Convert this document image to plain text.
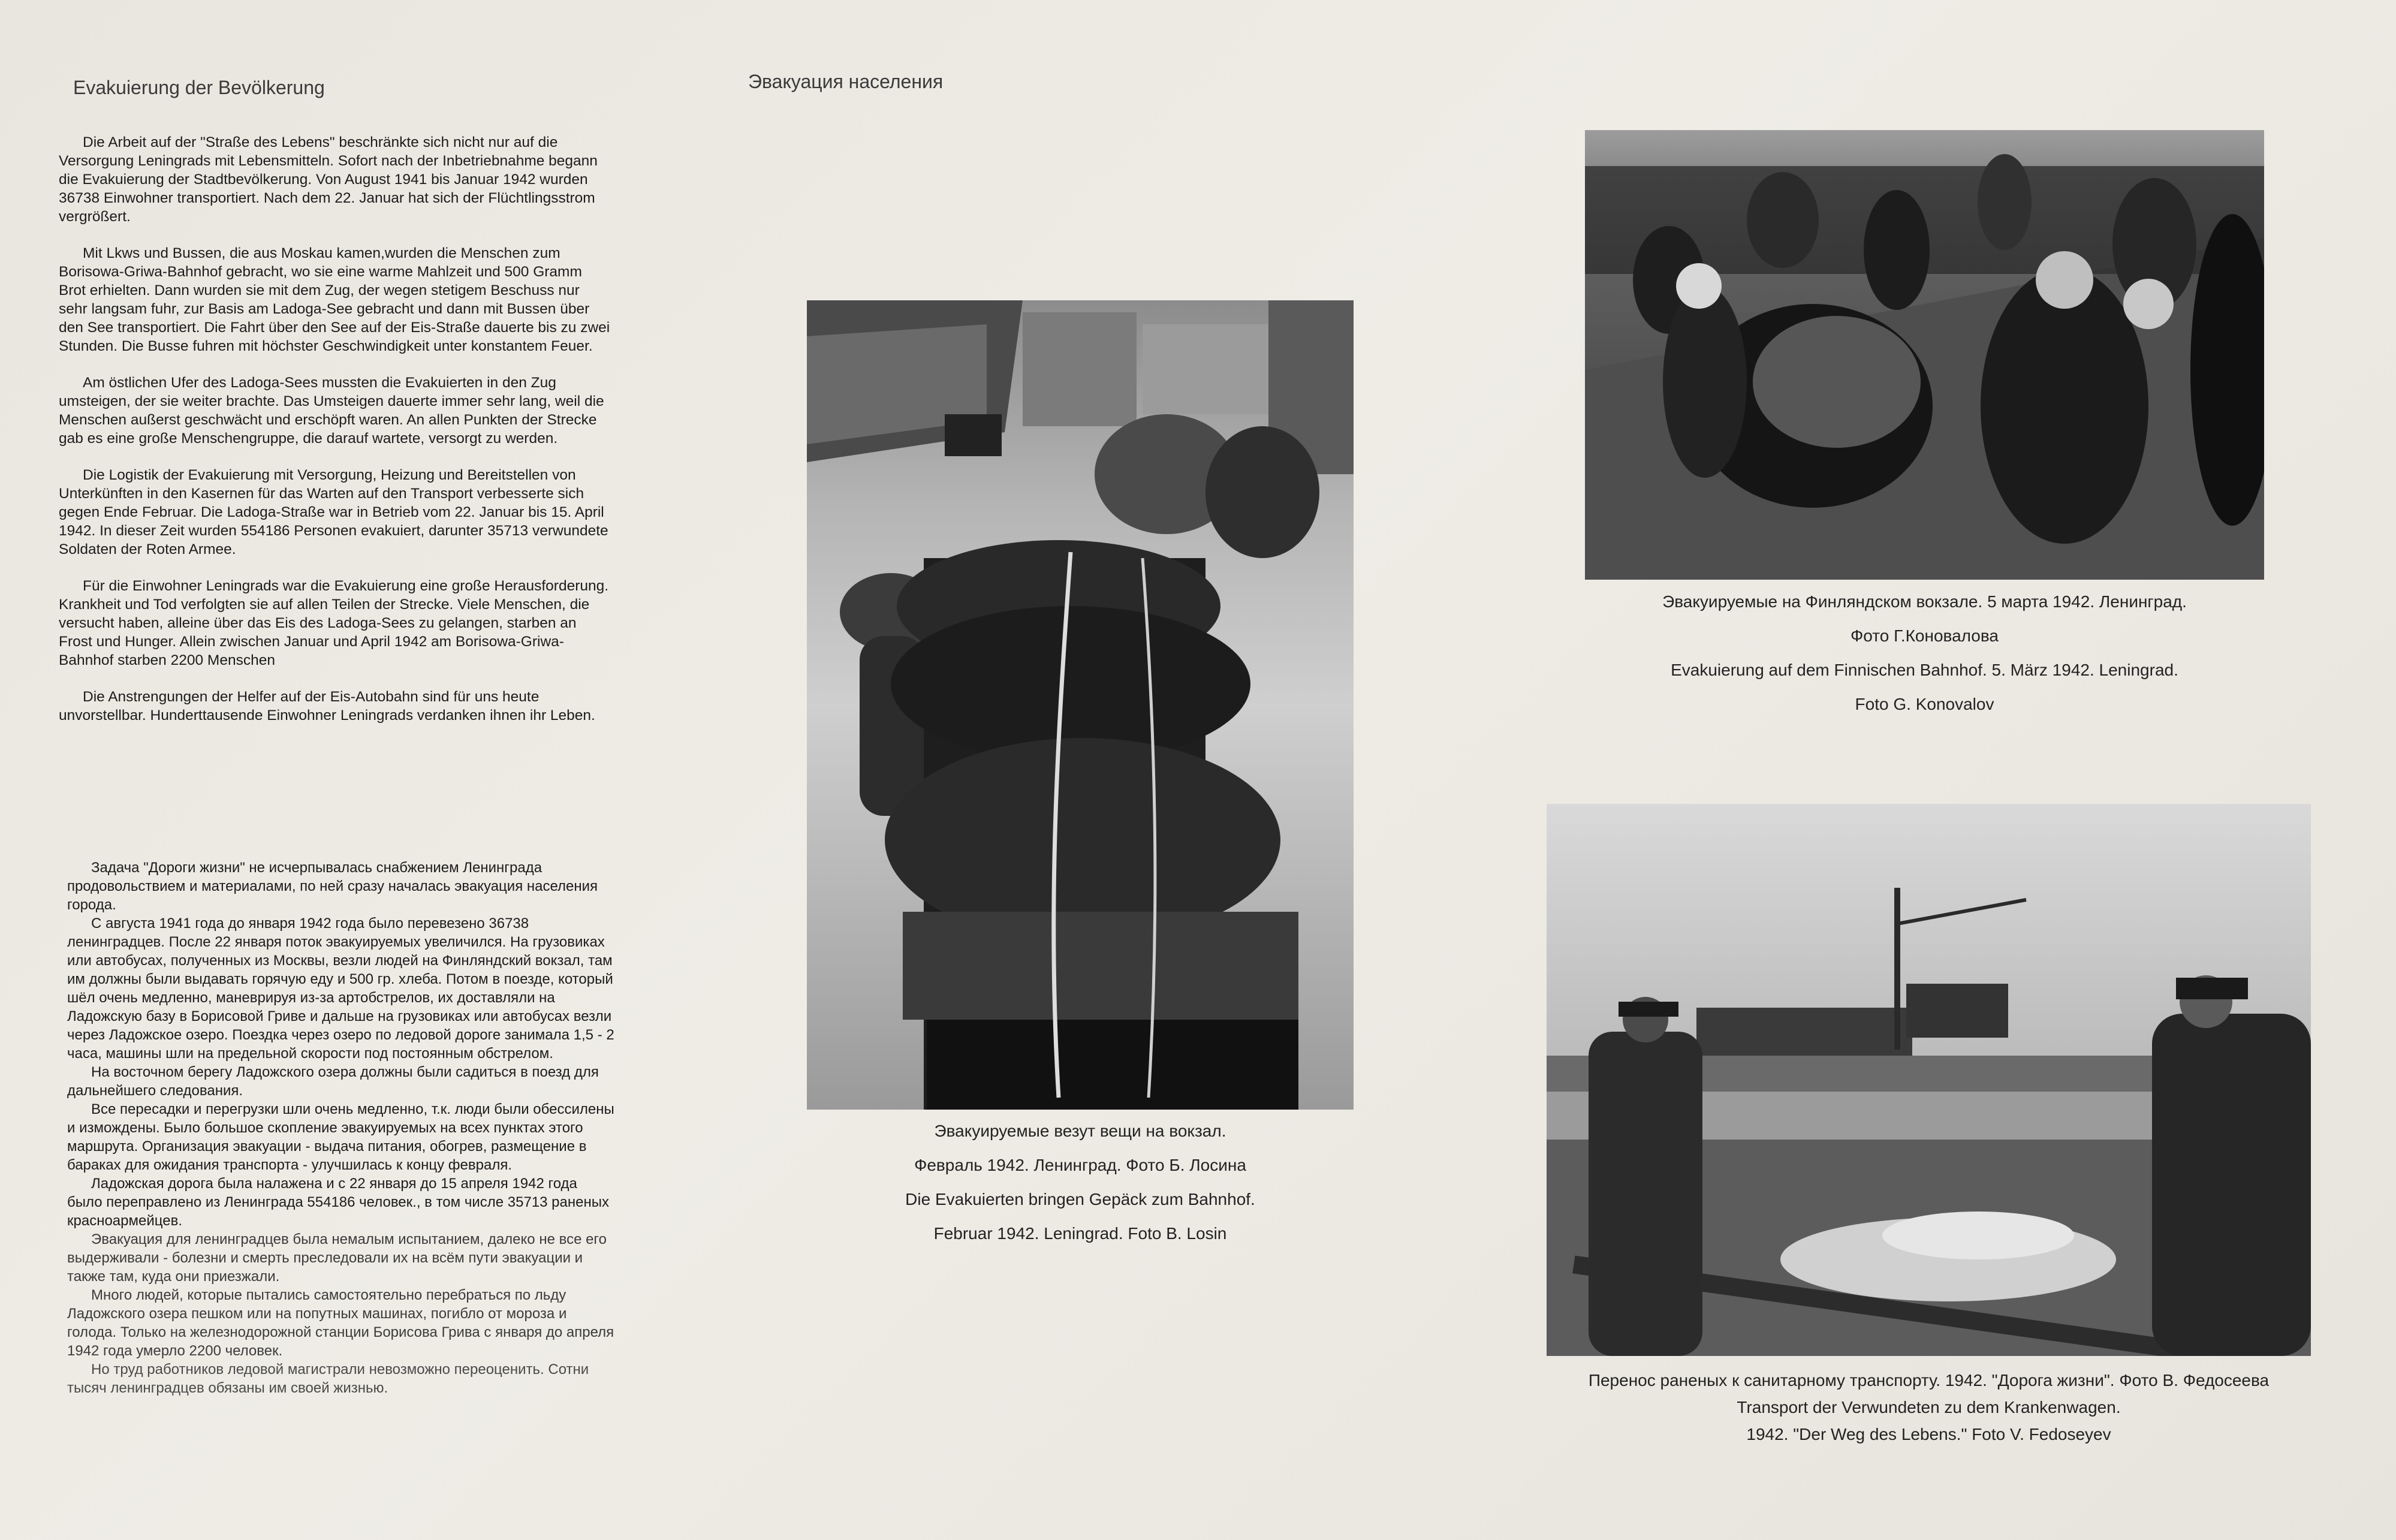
Evakuierung der Bevölkerung	Эвакуация населения

Die Arbeit auf der "Straße des Lebens" beschränkte sich nicht nur auf die Versorgung Leningrads mit Lebensmitteln. Sofort nach der Inbetriebnahme begann die Evakuierung der Stadtbevölkerung. Von August 1941 bis Januar 1942 wurden 36738 Einwohner transportiert. Nach dem 22. Januar hat sich der Flüchtlingsstrom vergrößert.

Mit Lkws und Bussen, die aus Moskau kamen,wurden die Menschen zum Borisowa-Griwa-Bahnhof gebracht, wo sie eine warme Mahlzeit und 500 Gramm Brot erhielten. Dann wurden sie mit dem Zug, der wegen stetigem Beschuss nur sehr langsam fuhr, zur Basis am Ladoga-See gebracht und dann mit Bussen über den See transportiert. Die Fahrt über den See auf der Eis-Straße dauerte bis zu zwei Stunden. Die Busse fuhren mit höchster Geschwindigkeit unter konstantem Feuer.

Am östlichen Ufer des Ladoga-Sees mussten die Evakuierten in den Zug umsteigen, der sie weiter brachte. Das Umsteigen dauerte immer sehr lang, weil die Menschen außerst geschwächt und erschöpft waren. An allen Punkten der Strecke gab es eine große Menschengruppe, die darauf wartete, versorgt zu werden.

Die Logistik der Evakuierung mit Versorgung, Heizung und Bereitstellen von Unterkünften in den Kasernen für das Warten auf den Transport verbesserte sich gegen Ende Februar. Die Ladoga-Straße war in Betrieb vom 22. Januar bis 15. April 1942. In dieser Zeit wurden 554186 Personen evakuiert, darunter 35713 verwundete Soldaten der Roten Armee.

Für die Einwohner Leningrads war die Evakuierung eine große Herausforderung. Krankheit und Tod verfolgten sie auf allen Teilen der Strecke. Viele Menschen, die versucht haben, alleine über das Eis des Ladoga-Sees zu gelangen, starben an Frost und Hunger. Allein zwischen Januar und April 1942 am Borisowa-Griwa-Bahnhof starben 2200 Menschen

Die Anstrengungen der Helfer auf der Eis-Autobahn sind für uns heute unvorstellbar. Hunderttausende Einwohner Leningrads verdanken ihnen ihr Leben.

Задача "Дороги жизни" не исчерпывалась снабжением Ленинграда продовольствием и материалами, по ней сразу началась эвакуация населения города.

С августа 1941 года до января 1942 года было перевезено 36738 ленинградцев. После 22 января поток эвакуируемых увеличился. На грузовиках или автобусах, полученных из Москвы, везли людей на Финляндский вокзал, там им должны были выдавать горячую еду и 500 гр. хлеба. Потом в поезде, который шёл очень медленно, маневрируя из-за артобстрелов, их доставляли на Ладожскую базу в Борисовой Гриве и дальше на грузовиках или автобусах везли через Ладожское озеро. Поездка через озеро по ледовой дороге занимала 1,5 - 2 часа, машины шли на предельной скорости под постоянным обстрелом.

На восточном берегу Ладожского озера должны были садиться в поезд для дальнейшего следования.

Все пересадки и перегрузки шли очень медленно, т.к. люди были обессилены и измождены. Было большое скопление эвакуируемых на всех пунктах этого маршрута. Организация эвакуации - выдача питания, обогрев, размещение в бараках для ожидания транспорта - улучшилась к концу февраля.

Ладожская дорога была налажена и с 22 января до 15 апреля 1942 года было переправлено из Ленинграда 554186 человек., в том числе 35713 раненых красноармейцев.

Эвакуация для ленинградцев была немалым испытанием, далеко не все его выдерживали - болезни и смерть преследовали их на всём пути эвакуации и также там, куда они приезжали.

Много людей, которые пытались самостоятельно перебраться по льду Ладожского озера пешком или на попутных машинах, погибло от мороза и голода. Только на железнодорожной станции Борисова Грива с января до апреля 1942 года умерло 2200 человек.

Но труд работников ледовой магистрали невозможно переоценить. Сотни тысяч ленинградцев обязаны им своей жизнью.

Эвакуируемые везут вещи на вокзал.
Февраль 1942. Ленинград. Фото Б. Лосина
Die Evakuierten bringen Gepäck zum Bahnhof.
Februar 1942. Leningrad. Foto B. Losin
Эвакуируемые на Финляндском вокзале. 5 марта 1942. Ленинград.
Фото Г.Коновалова
Evakuierung auf dem Finnischen Bahnhof. 5. März 1942. Leningrad.
Foto G. Konovalov
Перенос раненых к санитарному транспорту. 1942. "Дорога жизни". Фото В. Федосеева
Transport der Verwundeten zu dem Krankenwagen.
1942. "Der Weg des Lebens." Foto V. Fedoseyev
